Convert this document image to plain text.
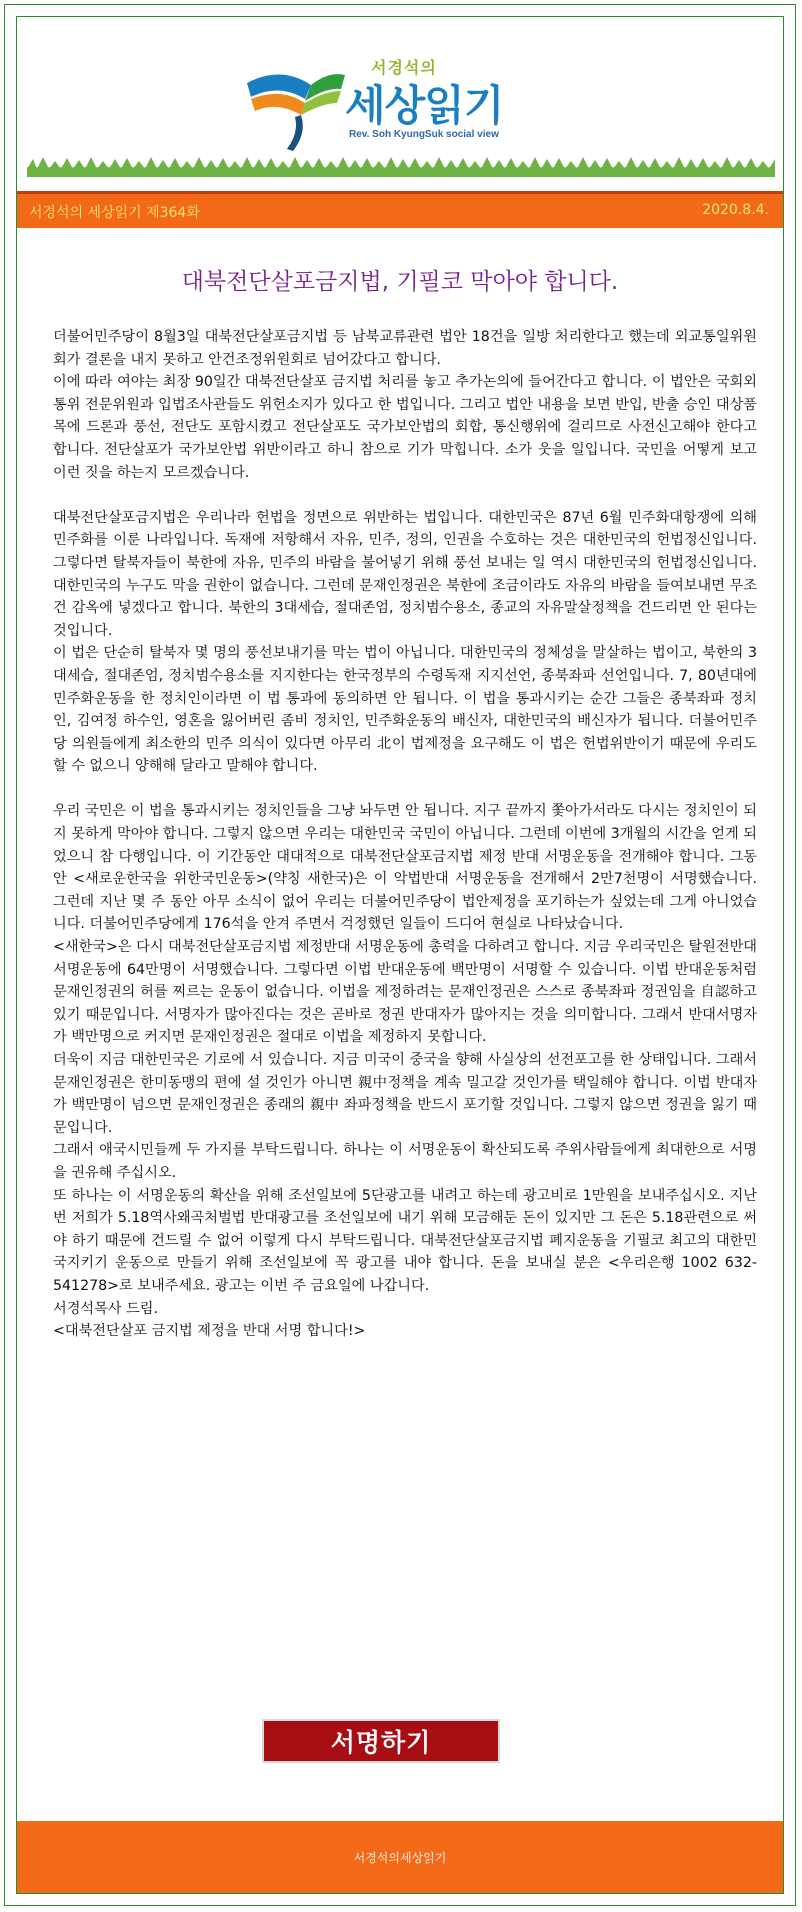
서경석의
세상읽기
Rev. Soh KyungSuk social view
서경석의 세상읽기 제364화	2020.8.4.
대북전단살포금지법, 기필코 막아야 합니다.

더불어민주당이 8월3일 대북전단살포금지법 등 남북교류관련 법안 18건을 일방 처리한다고 했는데 외교통일위원회가 결론을 내지 못하고 안건조정위원회로 넘어갔다고 합니다.

이에 따라 여야는 최장 90일간 대북전단살포 금지법 처리를 놓고 추가논의에 들어간다고 합니다. 이 법안은 국회외통위 전문위원과 입법조사관들도 위헌소지가 있다고 한 법입니다. 그리고 법안 내용을 보면 반입, 반출 승인 대상품목에 드론과 풍선, 전단도 포함시켰고 전단살포도 국가보안법의 회합, 통신행위에 걸리므로 사전신고해야 한다고 합니다. 전단살포가 국가보안법 위반이라고 하니 참으로 기가 막힙니다. 소가 웃을 일입니다. 국민을 어떻게 보고 이런 짓을 하는지 모르겠습니다.

대북전단살포금지법은 우리나라 헌법을 정면으로 위반하는 법입니다. 대한민국은 87년 6월 민주화대항쟁에 의해 민주화를 이룬 나라입니다. 독재에 저항해서 자유, 민주, 정의, 인권을 수호하는 것은 대한민국의 헌법정신입니다. 그렇다면 탈북자들이 북한에 자유, 민주의 바람을 불어넣기 위해 풍선 보내는 일 역시 대한민국의 헌법정신입니다. 대한민국의 누구도 막을 권한이 없습니다. 그런데 문재인정권은 북한에 조금이라도 자유의 바람을 들여보내면 무조건 감옥에 넣겠다고 합니다. 북한의 3대세습, 절대존엄, 정치범수용소, 종교의 자유말살정책을 건드리면 안 된다는 것입니다.

이 법은 단순히 탈북자 몇 명의 풍선보내기를 막는 법이 아닙니다. 대한민국의 정체성을 말살하는 법이고, 북한의 3대세습, 절대존엄, 정치범수용소를 지지한다는 한국정부의 수령독재 지지선언, 종북좌파 선언입니다. 7, 80년대에 민주화운동을 한 정치인이라면 이 법 통과에 동의하면 안 됩니다. 이 법을 통과시키는 순간 그들은 종북좌파 정치인, 김여정 하수인, 영혼을 잃어버린 좀비 정치인, 민주화운동의 배신자, 대한민국의 배신자가 됩니다. 더불어민주당 의원들에게 최소한의 민주 의식이 있다면 아무리 北이 법제정을 요구해도 이 법은 헌법위반이기 때문에 우리도 할 수 없으니 양해해 달라고 말해야 합니다.

우리 국민은 이 법을 통과시키는 정치인들을 그냥 놔두면 안 됩니다. 지구 끝까지 쫓아가서라도 다시는 정치인이 되지 못하게 막아야 합니다. 그렇지 않으면 우리는 대한민국 국민이 아닙니다. 그런데 이번에 3개월의 시간을 얻게 되었으니 참 다행입니다. 이 기간동안 대대적으로 대북전단살포금지법 제정 반대 서명운동을 전개해야 합니다. 그동안 <새로운한국을 위한국민운동>(약칭 새한국)은 이 악법반대 서명운동을 전개해서 2만7천명이 서명했습니다. 그런데 지난 몇 주 동안 아무 소식이 없어 우리는 더불어민주당이 법안제정을 포기하는가 싶었는데 그게 아니었습니다. 더불어민주당에게 176석을 안겨 주면서 걱정했던 일들이 드디어 현실로 나타났습니다.

<새한국>은 다시 대북전단살포금지법 제정반대 서명운동에 총력을 다하려고 합니다. 지금 우리국민은 탈원전반대 서명운동에 64만명이 서명했습니다. 그렇다면 이법 반대운동에 백만명이 서명할 수 있습니다. 이법 반대운동처럼 문재인정권의 허를 찌르는 운동이 없습니다. 이법을 제정하려는 문재인정권은 스스로 종북좌파 정권임을 自認하고 있기 때문입니다. 서명자가 많아진다는 것은 곧바로 정권 반대자가 많아지는 것을 의미합니다. 그래서 반대서명자가 백만명으로 커지면 문재인정권은 절대로 이법을 제정하지 못합니다.

더욱이 지금 대한민국은 기로에 서 있습니다. 지금 미국이 중국을 향해 사실상의 선전포고를 한 상태입니다. 그래서 문재인정권은 한미동맹의 편에 설 것인가 아니면 親中정책을 계속 밀고갈 것인가를 택일해야 합니다. 이법 반대자가 백만명이 넘으면 문재인정권은 종래의 親中 좌파정책을 반드시 포기할 것입니다. 그렇지 않으면 정권을 잃기 때문입니다.

그래서 애국시민들께 두 가지를 부탁드립니다. 하나는 이 서명운동이 확산되도록 주위사람들에게 최대한으로 서명을 권유해 주십시오.

또 하나는 이 서명운동의 확산을 위해 조선일보에 5단광고를 내려고 하는데 광고비로 1만원을 보내주십시오. 지난번 저희가 5.18역사왜곡처벌법 반대광고를 조선일보에 내기 위해 모금해둔 돈이 있지만 그 돈은 5.18관련으로 써야 하기 때문에 건드릴 수 없어 이렇게 다시 부탁드립니다. 대북전단살포금지법 폐지운동을 기필코 최고의 대한민국지키기 운동으로 만들기 위해 조선일보에 꼭 광고를 내야 합니다. 돈을 보내실 분은 <우리은행 1002 632-541278>로 보내주세요. 광고는 이번 주 금요일에 나갑니다.

서경석목사 드림.

<대북전단살포 금지법 제정을 반대 서명 합니다!>

서명하기
서경석의세상읽기
